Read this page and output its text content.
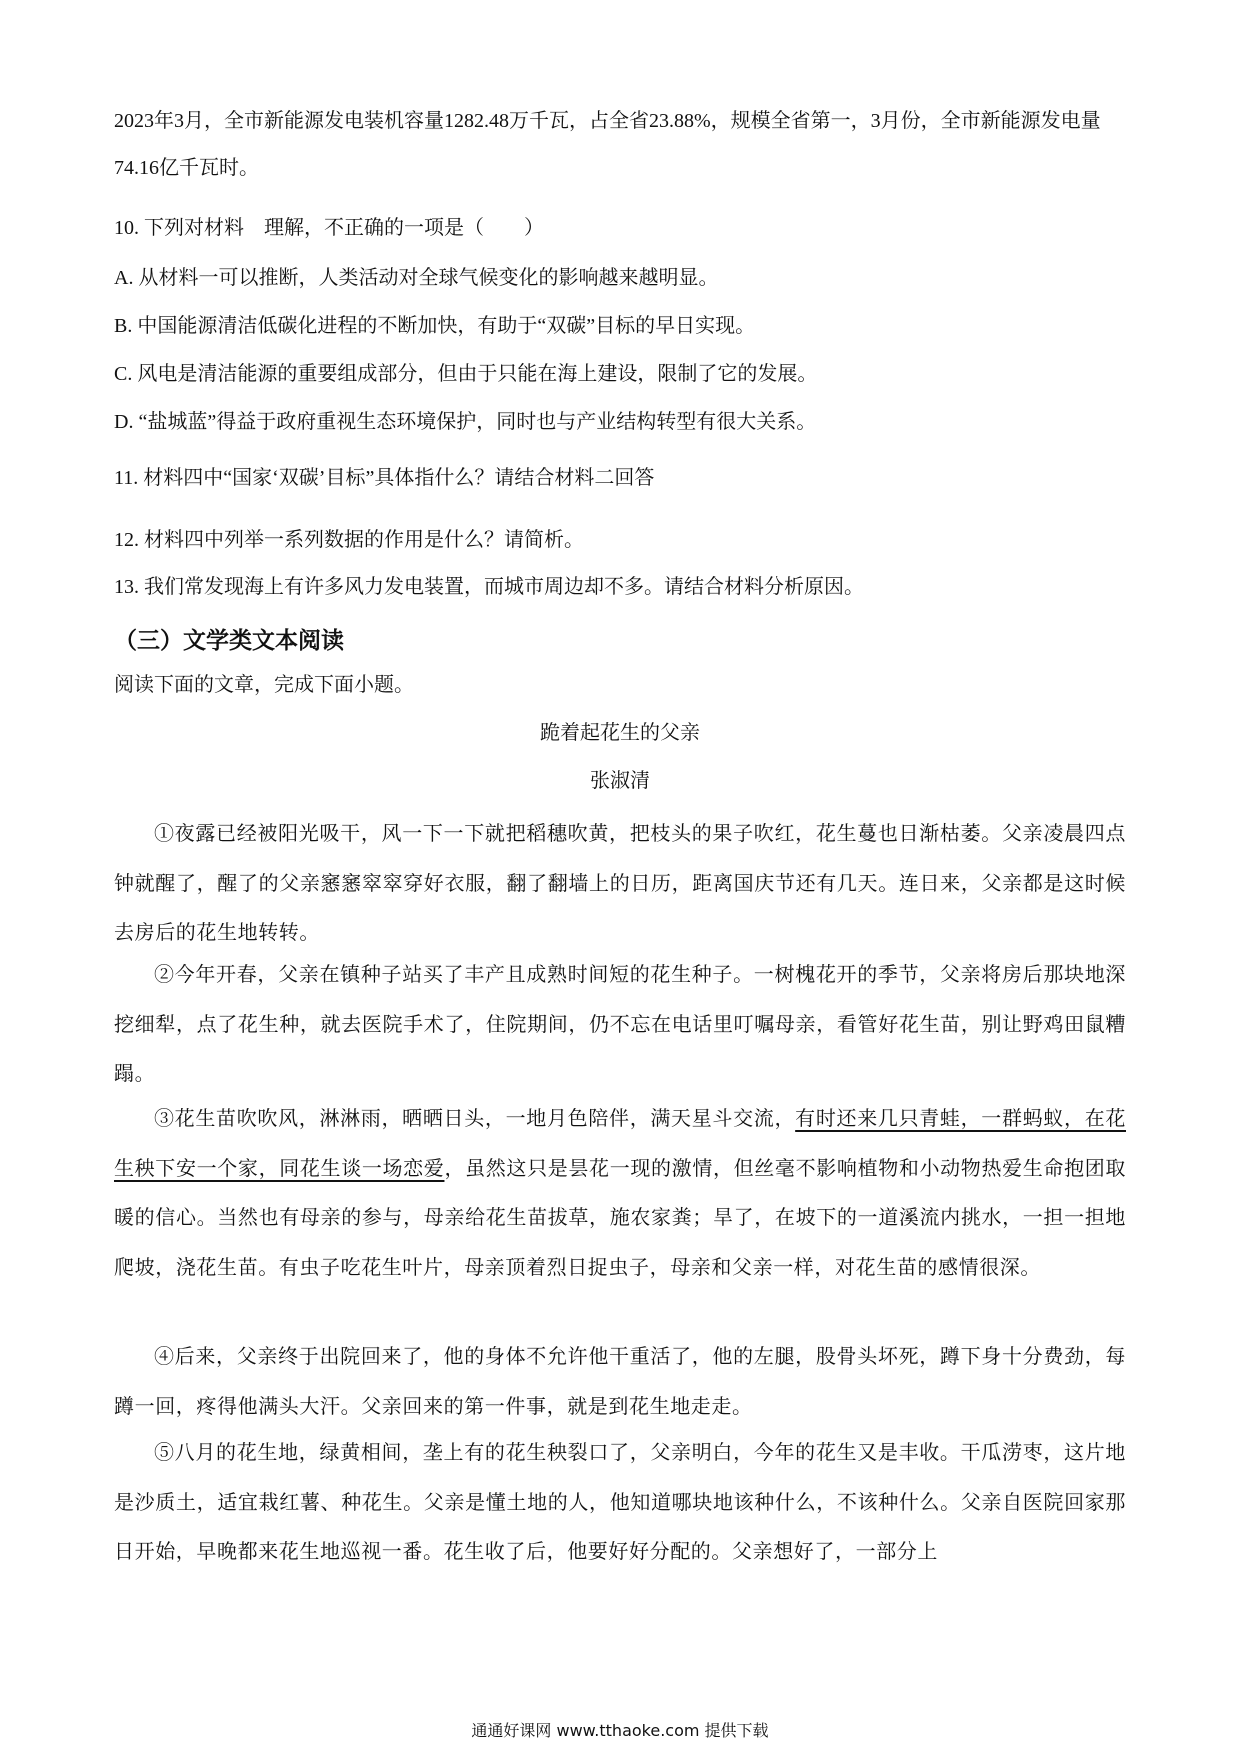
2023年3月，全市新能源发电装机容量1282.48万千瓦，占全省23.88%，规模全省第一，3月份，全市新能源发电量74.16亿千瓦时。

10. 下列对材料　理解，不正确的一项是（　　）

A. 从材料一可以推断，人类活动对全球气候变化的影响越来越明显。

B. 中国能源清洁低碳化进程的不断加快，有助于“双碳”目标的早日实现。

C. 风电是清洁能源的重要组成部分，但由于只能在海上建设，限制了它的发展。

D. “盐城蓝”得益于政府重视生态环境保护，同时也与产业结构转型有很大关系。

11. 材料四中“国家‘双碳’目标”具体指什么？请结合材料二回答

12. 材料四中列举一系列数据的作用是什么？请简析。

13. 我们常发现海上有许多风力发电装置，而城市周边却不多。请结合材料分析原因。

（三）文学类文本阅读

阅读下面的文章，完成下面小题。

跪着起花生的父亲

张淑清

①夜露已经被阳光吸干，风一下一下就把稻穗吹黄，把枝头的果子吹红，花生蔓也日渐枯萎。父亲凌晨四点钟就醒了，醒了的父亲窸窸窣窣穿好衣服，翻了翻墙上的日历，距离国庆节还有几天。连日来，父亲都是这时候去房后的花生地转转。

②今年开春，父亲在镇种子站买了丰产且成熟时间短的花生种子。一树槐花开的季节，父亲将房后那块地深挖细犁，点了花生种，就去医院手术了，住院期间，仍不忘在电话里叮嘱母亲，看管好花生苗，别让野鸡田鼠糟蹋。

③花生苗吹吹风，淋淋雨，晒晒日头，一地月色陪伴，满天星斗交流，有时还来几只青蛙，一群蚂蚁，在花生秧下安一个家，同花生谈一场恋爱，虽然这只是昙花一现的激情，但丝毫不影响植物和小动物热爱生命抱团取暖的信心。当然也有母亲的参与，母亲给花生苗拔草，施农家粪；旱了，在坡下的一道溪流内挑水，一担一担地爬坡，浇花生苗。有虫子吃花生叶片，母亲顶着烈日捉虫子，母亲和父亲一样，对花生苗的感情很深。

④后来，父亲终于出院回来了，他的身体不允许他干重活了，他的左腿，股骨头坏死，蹲下身十分费劲，每蹲一回，疼得他满头大汗。父亲回来的第一件事，就是到花生地走走。

⑤八月的花生地，绿黄相间，垄上有的花生秧裂口了，父亲明白，今年的花生又是丰收。干瓜涝枣，这片地是沙质土，适宜栽红薯、种花生。父亲是懂土地的人，他知道哪块地该种什么，不该种什么。父亲自医院回家那日开始，早晚都来花生地巡视一番。花生收了后，他要好好分配的。父亲想好了，一部分上

通通好课网 www.tthaoke.com 提供下载
